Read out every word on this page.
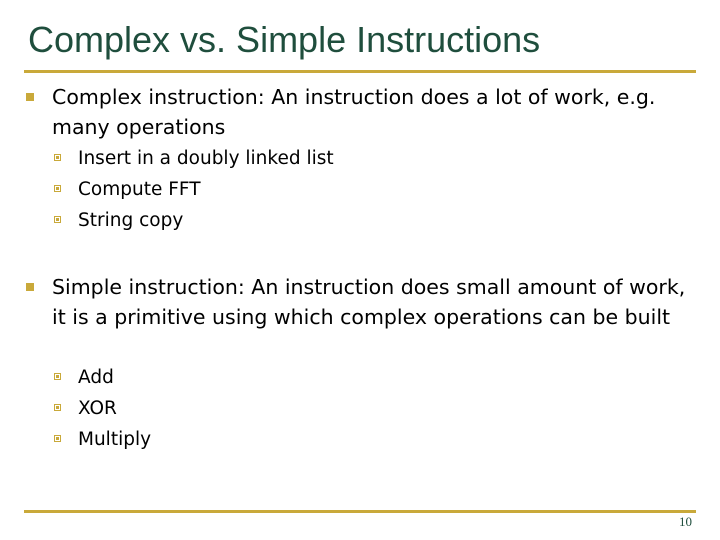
Complex vs. Simple Instructions
Complex instruction: An instruction does a lot of work, e.g. many operations
Insert in a doubly linked list
Compute FFT
String copy
Simple instruction: An instruction does small amount of work, it is a primitive using which complex operations can be built
Add
XOR
Multiply
10
